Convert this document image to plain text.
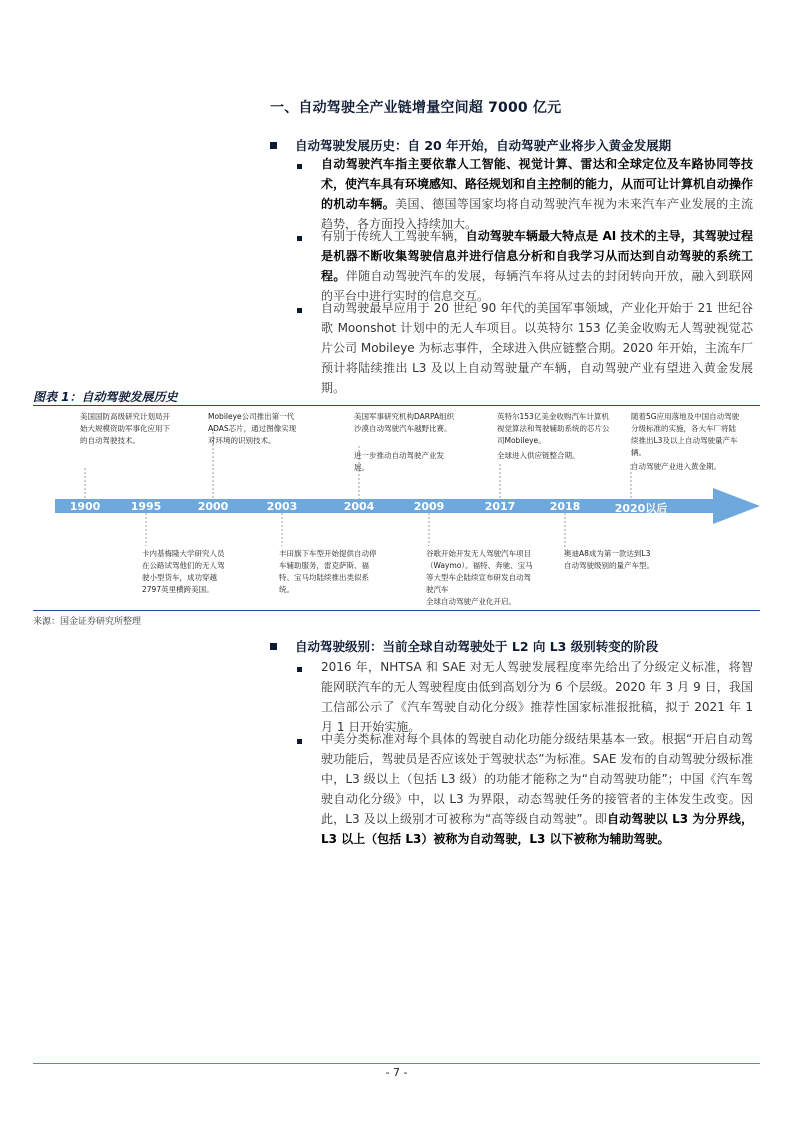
一、自动驾驶全产业链增量空间超 7000 亿元
自动驾驶发展历史：自 20 年开始，自动驾驶产业将步入黄金发展期
自动驾驶汽车指主要依靠人工智能、视觉计算、雷达和全球定位及车路协同等技术，使汽车具有环境感知、路径规划和自主控制的能力，从而可让计算机自动操作的机动车辆。美国、德国等国家均将自动驾驶汽车视为未来汽车产业发展的主流趋势，各方面投入持续加大。
有别于传统人工驾驶车辆，自动驾驶车辆最大特点是 AI 技术的主导，其驾驶过程是机器不断收集驾驶信息并进行信息分析和自我学习从而达到自动驾驶的系统工程。伴随自动驾驶汽车的发展，每辆汽车将从过去的封闭转向开放，融入到联网的平台中进行实时的信息交互。
自动驾驶最早应用于 20 世纪 90 年代的美国军事领域，产业化开始于 21 世纪谷歌 Moonshot 计划中的无人车项目。以英特尔 153 亿美金收购无人驾驶视觉芯片公司 Mobileye 为标志事件，全球进入供应链整合期。2020 年开始，主流车厂预计将陆续推出 L3 及以上自动驾驶量产车辆，自动驾驶产业有望进入黄金发展期。
图表 1：自动驾驶发展历史
1900	1995	2000	2003	2004	2009	2017	2018	2020以后
美国国防高级研究计划局开始大规模资助军事化应用下的自动驾驶技术。
Mobileye公司推出第一代ADAS芯片，通过图像实现对环境的识别技术。
美国军事研究机构DARPA组织沙漠自动驾驶汽车越野比赛。
进一步推动自动驾驶产业发展。
英特尔153亿美金收购汽车计算机视觉算法和驾驶辅助系统的芯片公司Mobileye。
全球进入供应链整合期。
随着5G应用落地及中国自动驾驶分级标准的实施，各大车厂将陆续推出L3及以上自动驾驶量产车辆。
自动驾驶产业进入黄金期。
卡内基梅隆大学研究人员在公路试驾他们的无人驾驶小型货车，成功穿越2797英里横跨美国。
丰田旗下车型开始提供自动停车辅助服务，雷克萨斯、福特、宝马均陆续推出类似系统。
谷歌开始开发无人驾驶汽车项目（Waymo）。福特、奔驰、宝马等大型车企陆续宣布研发自动驾驶汽车
全球自动驾驶产业化开启。
奥迪A8成为第一款达到L3自动驾驶级别的量产车型。
来源：国金证券研究所整理
自动驾驶级别：当前全球自动驾驶处于 L2 向 L3 级别转变的阶段
2016 年，NHTSA 和 SAE 对无人驾驶发展程度率先给出了分级定义标准，将智能网联汽车的无人驾驶程度由低到高划分为 6 个层级。2020 年 3 月 9 日，我国工信部公示了《汽车驾驶自动化分级》推荐性国家标准报批稿，拟于 2021 年 1 月 1 日开始实施。
中美分类标准对每个具体的驾驶自动化功能分级结果基本一致。根据“开启自动驾驶功能后，驾驶员是否应该处于驾驶状态”为标准。SAE 发布的自动驾驶分级标准中，L3 级以上（包括 L3 级）的功能才能称之为“自动驾驶功能”；中国《汽车驾驶自动化分级》中，以 L3 为界限，动态驾驶任务的接管者的主体发生改变。因此，L3 及以上级别才可被称为“高等级自动驾驶”。即自动驾驶以 L3 为分界线，L3 以上（包括 L3）被称为自动驾驶，L3 以下被称为辅助驾驶。
- 7 -
